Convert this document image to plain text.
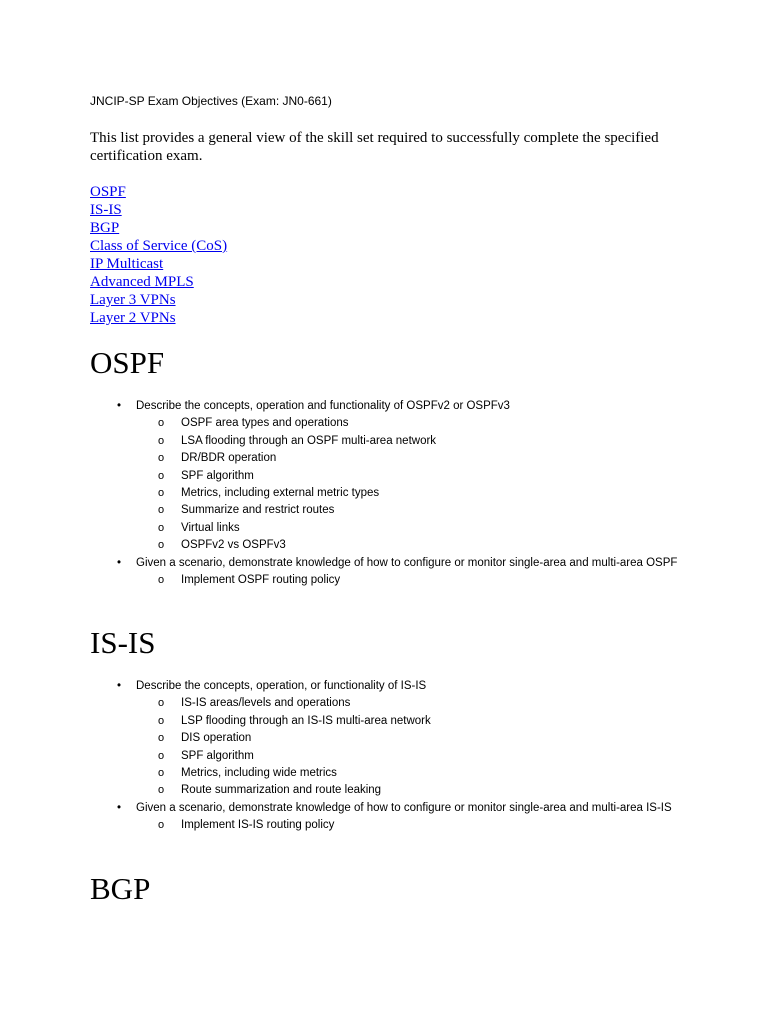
JNCIP-SP Exam Objectives (Exam: JN0-661)

This list provides a general view of the skill set required to successfully complete the specified certification exam.

OSPF
IS-IS
BGP
Class of Service (CoS)
IP Multicast
Advanced MPLS
Layer 3 VPNs
Layer 2 VPNs
OSPF
• Describe the concepts, operation and functionality of OSPFv2 or OSPFv3
o OSPF area types and operations
o LSA flooding through an OSPF multi-area network
o DR/BDR operation
o SPF algorithm
o Metrics, including external metric types
o Summarize and restrict routes
o Virtual links
o OSPFv2 vs OSPFv3
• Given a scenario, demonstrate knowledge of how to configure or monitor single-area and multi-area OSPF
o Implement OSPF routing policy
IS-IS
• Describe the concepts, operation, or functionality of IS-IS
o IS-IS areas/levels and operations
o LSP flooding through an IS-IS multi-area network
o DIS operation
o SPF algorithm
o Metrics, including wide metrics
o Route summarization and route leaking
• Given a scenario, demonstrate knowledge of how to configure or monitor single-area and multi-area IS-IS
o Implement IS-IS routing policy
BGP
